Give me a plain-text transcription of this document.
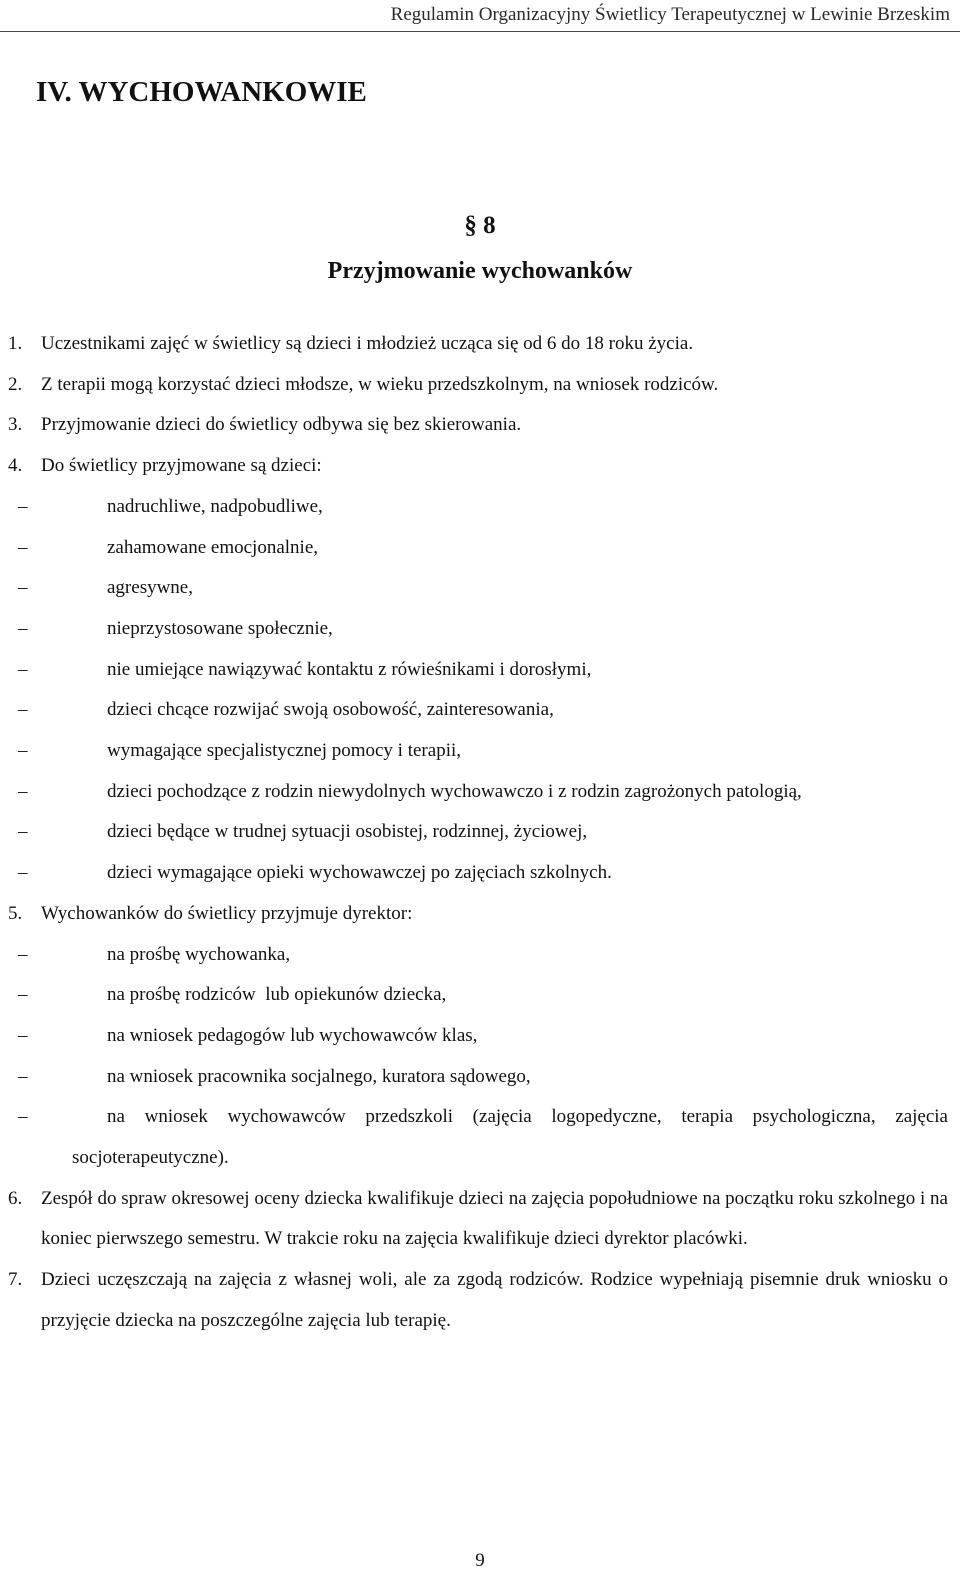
Regulamin Organizacyjny Świetlicy Terapeutycznej w Lewinie Brzeskim
IV. WYCHOWANKOWIE
§ 8
Przyjmowanie wychowanków
1. Uczestnikami zajęć w świetlicy są dzieci i młodzież ucząca się od 6 do 18 roku życia.
2. Z terapii mogą korzystać dzieci młodsze, w wieku przedszkolnym, na wniosek rodziców.
3. Przyjmowanie dzieci do świetlicy odbywa się bez skierowania.
4. Do świetlicy przyjmowane są dzieci:
–	nadruchliwe, nadpobudliwe,
–	zahamowane emocjonalnie,
–	agresywne,
–	nieprzystosowane społecznie,
–	nie umiejące nawiązywać kontaktu z rówieśnikami i dorosłymi,
–	dzieci chcące rozwijać swoją osobowość, zainteresowania,
–	wymagające specjalistycznej pomocy i terapii,
–	dzieci pochodzące z rodzin niewydolnych wychowawczo i z rodzin zagrożonych patologią,
–	dzieci będące w trudnej sytuacji osobistej, rodzinnej, życiowej,
–	dzieci wymagające opieki wychowawczej po zajęciach szkolnych.
5. Wychowanków do świetlicy przyjmuje dyrektor:
–	na prośbę wychowanka,
–	na prośbę rodziców  lub opiekunów dziecka,
–	na wniosek pedagogów lub wychowawców klas,
–	na wniosek pracownika socjalnego, kuratora sądowego,
–	na wniosek wychowawców przedszkoli (zajęcia logopedyczne, terapia psychologiczna, zajęcia socjoterapeutyczne).
6. Zespół do spraw okresowej oceny dziecka kwalifikuje dzieci na zajęcia popołudniowe na początku roku szkolnego i na koniec pierwszego semestru. W trakcie roku na zajęcia kwalifikuje dzieci dyrektor placówki.
7. Dzieci uczęszczają na zajęcia z własnej woli, ale za zgodą rodziców. Rodzice wypełniają pisemnie druk wniosku o przyjęcie dziecka na poszczególne zajęcia lub terapię.
9
